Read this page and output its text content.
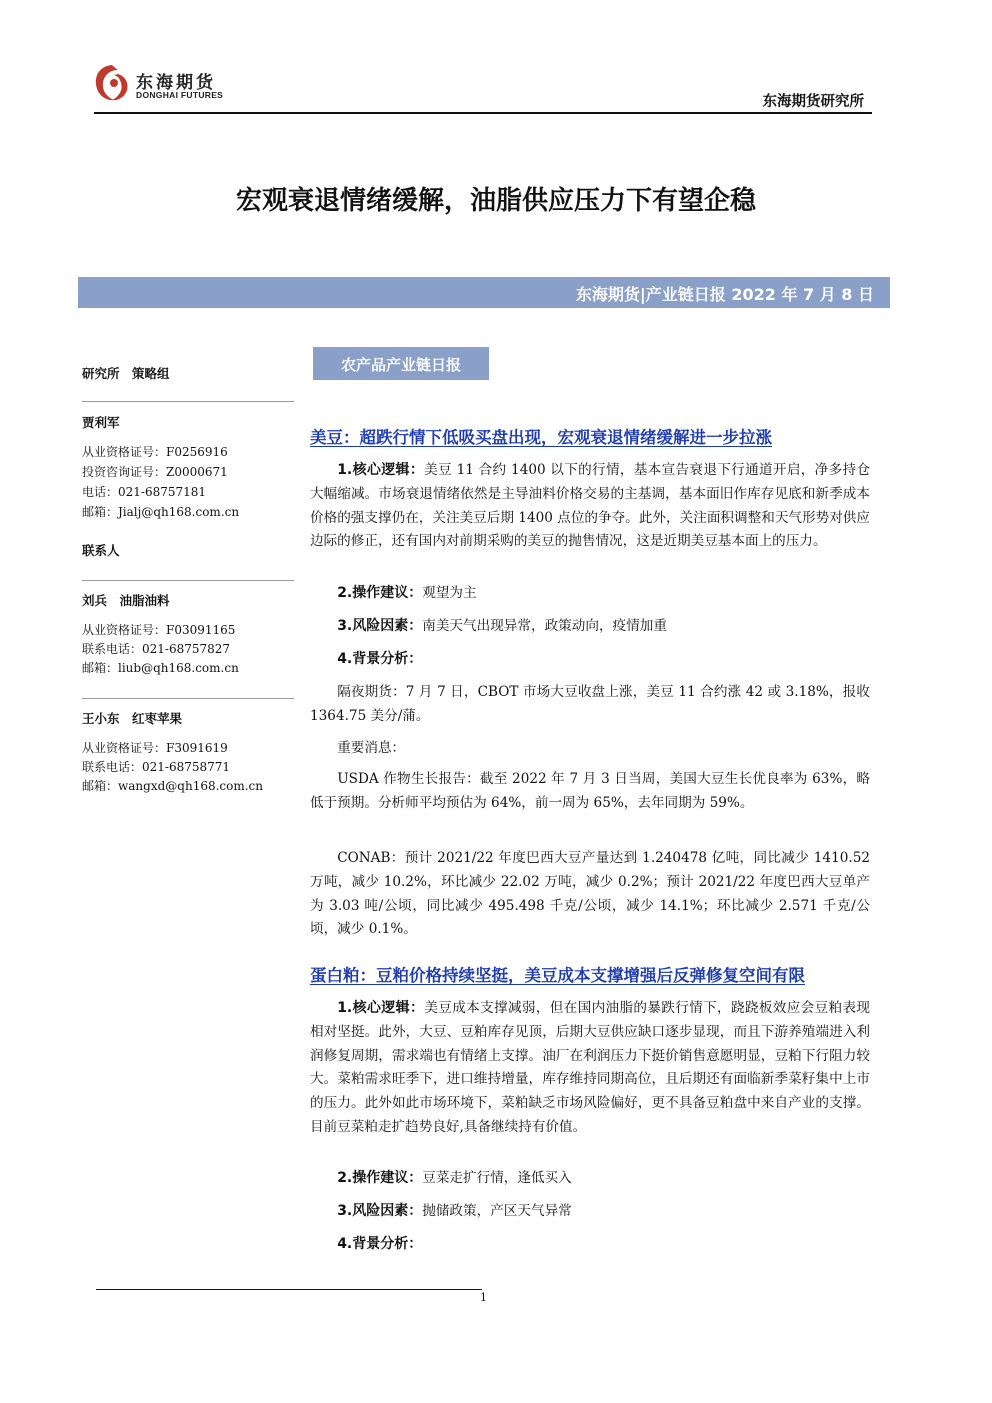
东海期货
DONGHAI FUTURES	东海期货研究所
宏观衰退情绪缓解，油脂供应压力下有望企稳
东海期货|产业链日报 2022 年 7 月 8 日
研究所　策略组
贾利军
从业资格证号：F0256916
投资咨询证号：Z0000671
电话：021-68757181
邮箱：Jialj@qh168.com.cn
联系人
刘兵　油脂油料
从业资格证号：F03091165
联系电话：021-68757827
邮箱：liub@qh168.com.cn
王小东　红枣苹果
从业资格证号：F3091619
联系电话：021-68758771
邮箱：wangxd@qh168.com.cn
农产品产业链日报
美豆：超跌行情下低吸买盘出现，宏观衰退情绪缓解进一步拉涨
1.核心逻辑：美豆 11 合约 1400 以下的行情，基本宣告衰退下行通道开启，净多持仓大幅缩减。市场衰退情绪依然是主导油料价格交易的主基调，基本面旧作库存见底和新季成本价格的强支撑仍在，关注美豆后期 1400 点位的争夺。此外，关注面积调整和天气形势对供应边际的修正，还有国内对前期采购的美豆的抛售情况，这是近期美豆基本面上的压力。
2.操作建议：观望为主
3.风险因素：南美天气出现异常，政策动向，疫情加重
4.背景分析：
隔夜期货：7 月 7 日，CBOT 市场大豆收盘上涨，美豆 11 合约涨 42 或 3.18%，报收 1364.75 美分/蒲。
重要消息：
USDA 作物生长报告：截至 2022 年 7 月 3 日当周，美国大豆生长优良率为 63%，略低于预期。分析师平均预估为 64%，前一周为 65%，去年同期为 59%。
CONAB：预计 2021/22 年度巴西大豆产量达到 1.240478 亿吨，同比减少 1410.52 万吨，减少 10.2%，环比减少 22.02 万吨，减少 0.2%；预计 2021/22 年度巴西大豆单产为 3.03 吨/公顷，同比减少 495.498 千克/公顷，减少 14.1%；环比减少 2.571 千克/公顷，减少 0.1%。
蛋白粕：豆粕价格持续坚挺，美豆成本支撑增强后反弹修复空间有限
1.核心逻辑：美豆成本支撑减弱，但在国内油脂的暴跌行情下，跷跷板效应会豆粕表现相对坚挺。此外，大豆、豆粕库存见顶，后期大豆供应缺口逐步显现，而且下游养殖端进入利润修复周期，需求端也有情绪上支撑。油厂在利润压力下挺价销售意愿明显，豆粕下行阻力较大。菜粕需求旺季下，进口维持增量，库存维持同期高位，且后期还有面临新季菜籽集中上市的压力。此外如此市场环境下，菜粕缺乏市场风险偏好，更不具备豆粕盘中来自产业的支撑。目前豆菜粕走扩趋势良好,具备继续持有价值。
2.操作建议：豆菜走扩行情，逢低买入
3.风险因素：抛储政策，产区天气异常
4.背景分析：
1
